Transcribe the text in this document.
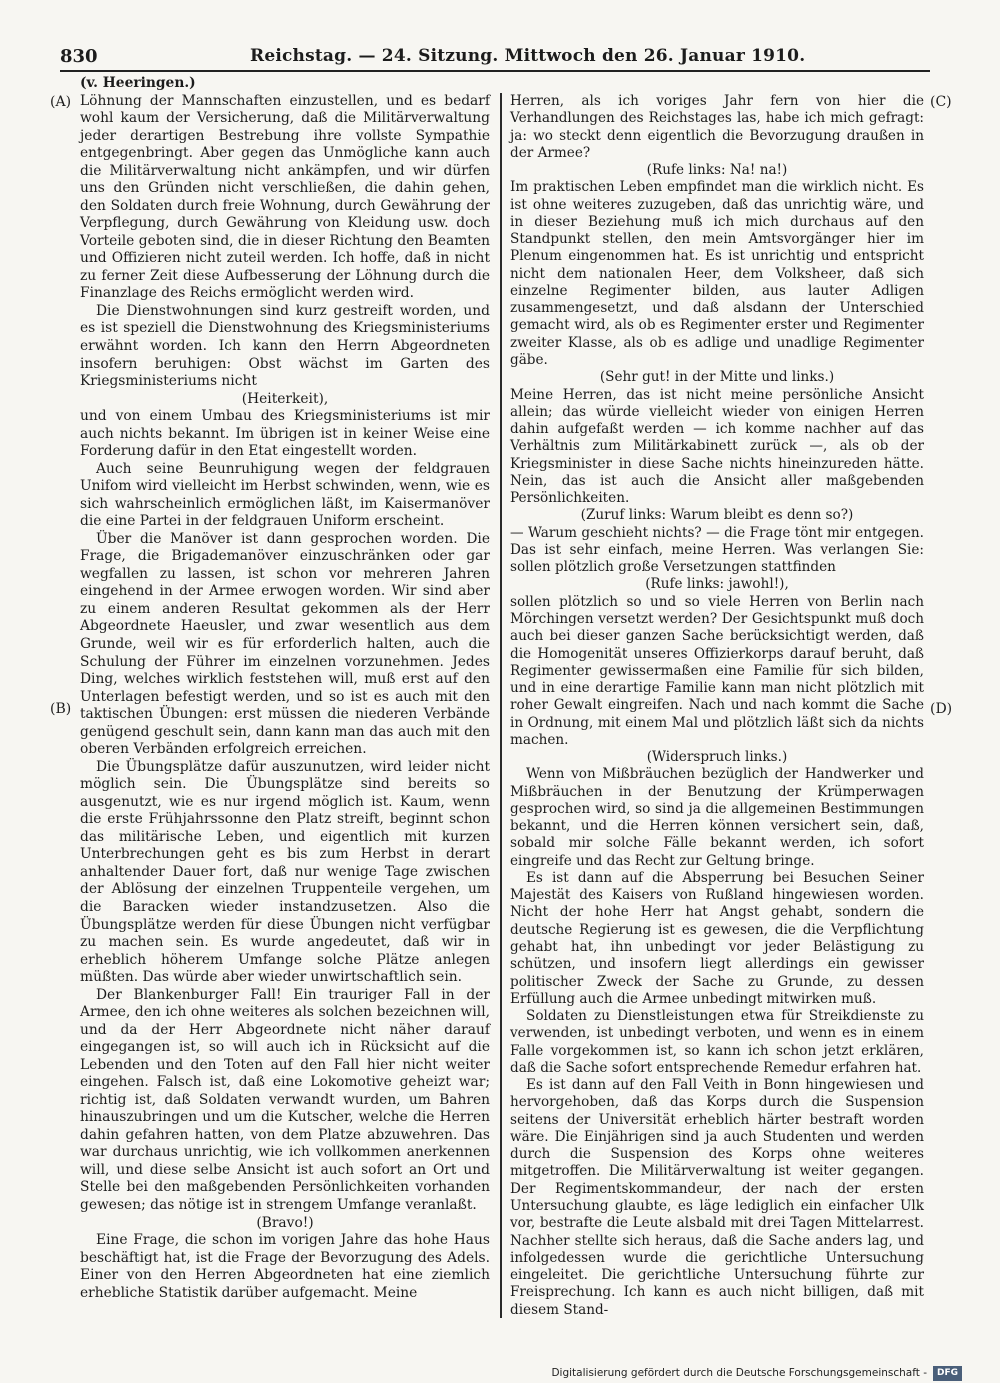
830	Reichstag. — 24. Sitzung. Mittwoch den 26. Januar 1910.
(A)
(B)
(C)
(D)

(v. Heeringen.)

Löhnung der Mannschaften einzustellen, und es bedarf wohl kaum der Versicherung, daß die Militärverwaltung jeder derartigen Bestrebung ihre vollste Sympathie entgegenbringt. Aber gegen das Unmögliche kann auch die Militärverwaltung nicht ankämpfen, und wir dürfen uns den Gründen nicht verschließen, die dahin gehen, den Soldaten durch freie Wohnung, durch Gewährung der Verpflegung, durch Gewährung von Kleidung usw. doch Vorteile geboten sind, die in dieser Richtung den Beamten und Offizieren nicht zuteil werden. Ich hoffe, daß in nicht zu ferner Zeit diese Aufbesserung der Löhnung durch die Finanzlage des Reichs ermöglicht werden wird.

Die Dienstwohnungen sind kurz gestreift worden, und es ist speziell die Dienstwohnung des Kriegsministeriums erwähnt worden. Ich kann den Herrn Abgeordneten insofern beruhigen: Obst wächst im Garten des Kriegsministeriums nicht

(Heiterkeit),

und von einem Umbau des Kriegsministeriums ist mir auch nichts bekannt. Im übrigen ist in keiner Weise eine Forderung dafür in den Etat eingestellt worden.

Auch seine Beunruhigung wegen der feldgrauen Unifom wird vielleicht im Herbst schwinden, wenn, wie es sich wahrscheinlich ermöglichen läßt, im Kaisermanöver die eine Partei in der feldgrauen Uniform erscheint.

Über die Manöver ist dann gesprochen worden. Die Frage, die Brigademanöver einzuschränken oder gar wegfallen zu lassen, ist schon vor mehreren Jahren eingehend in der Armee erwogen worden. Wir sind aber zu einem anderen Resultat gekommen als der Herr Abgeordnete Haeusler, und zwar wesentlich aus dem Grunde, weil wir es für erforderlich halten, auch die Schulung der Führer im einzelnen vorzunehmen. Jedes Ding, welches wirklich feststehen will, muß erst auf den Unterlagen befestigt werden, und so ist es auch mit den taktischen Übungen: erst müssen die niederen Verbände genügend geschult sein, dann kann man das auch mit den oberen Verbänden erfolgreich erreichen.

Die Übungsplätze dafür auszunutzen, wird leider nicht möglich sein. Die Übungsplätze sind bereits so ausgenutzt, wie es nur irgend möglich ist. Kaum, wenn die erste Frühjahrssonne den Platz streift, beginnt schon das militärische Leben, und eigentlich mit kurzen Unterbrechungen geht es bis zum Herbst in derart anhaltender Dauer fort, daß nur wenige Tage zwischen der Ablösung der einzelnen Truppenteile vergehen, um die Baracken wieder instandzusetzen. Also die Übungsplätze werden für diese Übungen nicht verfügbar zu machen sein. Es wurde angedeutet, daß wir in erheblich höherem Umfange solche Plätze anlegen müßten. Das würde aber wieder unwirtschaftlich sein.

Der Blankenburger Fall! Ein trauriger Fall in der Armee, den ich ohne weiteres als solchen bezeichnen will, und da der Herr Abgeordnete nicht näher darauf eingegangen ist, so will auch ich in Rücksicht auf die Lebenden und den Toten auf den Fall hier nicht weiter eingehen. Falsch ist, daß eine Lokomotive geheizt war; richtig ist, daß Soldaten verwandt wurden, um Bahren hinauszubringen und um die Kutscher, welche die Herren dahin gefahren hatten, von dem Platze abzuwehren. Das war durchaus unrichtig, wie ich vollkommen anerkennen will, und diese selbe Ansicht ist auch sofort an Ort und Stelle bei den maßgebenden Persönlichkeiten vorhanden gewesen; das nötige ist in strengem Umfange veranlaßt.

(Bravo!)

Eine Frage, die schon im vorigen Jahre das hohe Haus beschäftigt hat, ist die Frage der Bevorzugung des Adels. Einer von den Herren Abgeordneten hat eine ziemlich erhebliche Statistik darüber aufgemacht. Meine

Herren, als ich voriges Jahr fern von hier die Verhandlungen des Reichstages las, habe ich mich gefragt: ja: wo steckt denn eigentlich die Bevorzugung draußen in der Armee?

(Rufe links: Na! na!)

Im praktischen Leben empfindet man die wirklich nicht. Es ist ohne weiteres zuzugeben, daß das unrichtig wäre, und in dieser Beziehung muß ich mich durchaus auf den Standpunkt stellen, den mein Amtsvorgänger hier im Plenum eingenommen hat. Es ist unrichtig und entspricht nicht dem nationalen Heer, dem Volksheer, daß sich einzelne Regimenter bilden, aus lauter Adligen zusammengesetzt, und daß alsdann der Unterschied gemacht wird, als ob es Regimenter erster und Regimenter zweiter Klasse, als ob es adlige und unadlige Regimenter gäbe.

(Sehr gut! in der Mitte und links.)

Meine Herren, das ist nicht meine persönliche Ansicht allein; das würde vielleicht wieder von einigen Herren dahin aufgefaßt werden — ich komme nachher auf das Verhältnis zum Militärkabinett zurück —, als ob der Kriegsminister in diese Sache nichts hineinzureden hätte. Nein, das ist auch die Ansicht aller maßgebenden Persönlichkeiten.

(Zuruf links: Warum bleibt es denn so?)

— Warum geschieht nichts? — die Frage tönt mir entgegen. Das ist sehr einfach, meine Herren. Was verlangen Sie: sollen plötzlich große Versetzungen stattfinden

(Rufe links: jawohl!),

sollen plötzlich so und so viele Herren von Berlin nach Mörchingen versetzt werden? Der Gesichtspunkt muß doch auch bei dieser ganzen Sache berücksichtigt werden, daß die Homogenität unseres Offizierkorps darauf beruht, daß Regimenter gewissermaßen eine Familie für sich bilden, und in eine derartige Familie kann man nicht plötzlich mit roher Gewalt eingreifen. Nach und nach kommt die Sache in Ordnung, mit einem Mal und plötzlich läßt sich da nichts machen.

(Widerspruch links.)

Wenn von Mißbräuchen bezüglich der Handwerker und Mißbräuchen in der Benutzung der Krümperwagen gesprochen wird, so sind ja die allgemeinen Bestimmungen bekannt, und die Herren können versichert sein, daß, sobald mir solche Fälle bekannt werden, ich sofort eingreife und das Recht zur Geltung bringe.

Es ist dann auf die Absperrung bei Besuchen Seiner Majestät des Kaisers von Rußland hingewiesen worden. Nicht der hohe Herr hat Angst gehabt, sondern die deutsche Regierung ist es gewesen, die die Verpflichtung gehabt hat, ihn unbedingt vor jeder Belästigung zu schützen, und insofern liegt allerdings ein gewisser politischer Zweck der Sache zu Grunde, zu dessen Erfüllung auch die Armee unbedingt mitwirken muß.

Soldaten zu Dienstleistungen etwa für Streikdienste zu verwenden, ist unbedingt verboten, und wenn es in einem Falle vorgekommen ist, so kann ich schon jetzt erklären, daß die Sache sofort entsprechende Remedur erfahren hat.

Es ist dann auf den Fall Veith in Bonn hingewiesen und hervorgehoben, daß das Korps durch die Suspension seitens der Universität erheblich härter bestraft worden wäre. Die Einjährigen sind ja auch Studenten und werden durch die Suspension des Korps ohne weiteres mitgetroffen. Die Militärverwaltung ist weiter gegangen. Der Regimentskommandeur, der nach der ersten Untersuchung glaubte, es läge lediglich ein einfacher Ulk vor, bestrafte die Leute alsbald mit drei Tagen Mittelarrest. Nachher stellte sich heraus, daß die Sache anders lag, und infolgedessen wurde die gerichtliche Untersuchung eingeleitet. Die gerichtliche Untersuchung führte zur Freisprechung. Ich kann es auch nicht billigen, daß mit diesem Stand-

Digitalisierung gefördert durch die Deutsche Forschungsgemeinschaft -	DFG
